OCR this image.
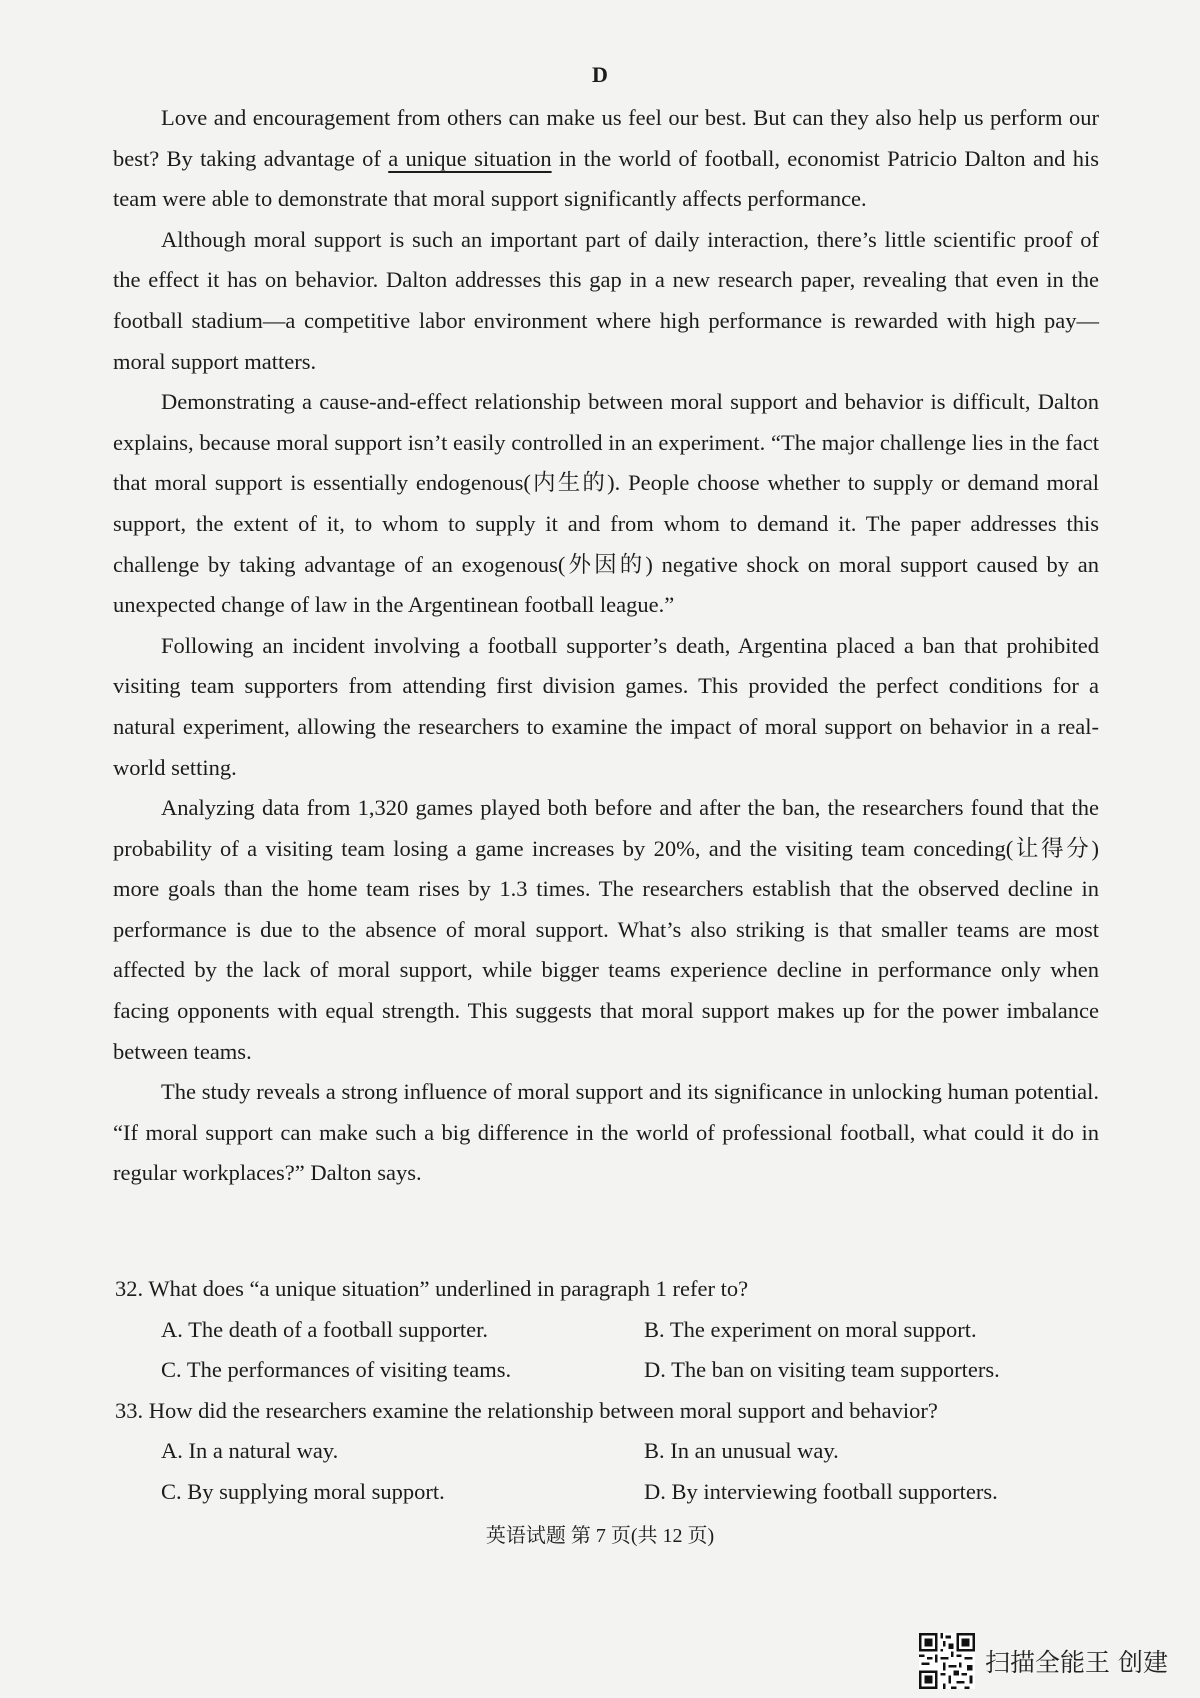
D

Love and encouragement from others can make us feel our best. But can they also help us perform our best? By taking advantage of a unique situation in the world of football, economist Patricio Dalton and his team were able to demonstrate that moral support significantly affects performance.

Although moral support is such an important part of daily interaction, there’s little scientific proof of the effect it has on behavior. Dalton addresses this gap in a new research paper, revealing that even in the football stadium—a competitive labor environment where high performance is rewarded with high pay—moral support matters.

Demonstrating a cause-and-effect relationship between moral support and behavior is difficult, Dalton explains, because moral support isn’t easily controlled in an experiment. “The major challenge lies in the fact that moral support is essentially endogenous(内生的). People choose whether to supply or demand moral support, the extent of it, to whom to supply it and from whom to demand it. The paper addresses this challenge by taking advantage of an exogenous(外因的) negative shock on moral support caused by an unexpected change of law in the Argentinean football league.”

Following an incident involving a football supporter’s death, Argentina placed a ban that prohibited visiting team supporters from attending first division games. This provided the perfect conditions for a natural experiment, allowing the researchers to examine the impact of moral support on behavior in a real-world setting.

Analyzing data from 1,320 games played both before and after the ban, the researchers found that the probability of a visiting team losing a game increases by 20%, and the visiting team conceding(让得分) more goals than the home team rises by 1.3 times. The researchers establish that the observed decline in performance is due to the absence of moral support. What’s also striking is that smaller teams are most affected by the lack of moral support, while bigger teams experience decline in performance only when facing opponents with equal strength. This suggests that moral support makes up for the power imbalance between teams.

The study reveals a strong influence of moral support and its significance in unlocking human potential. “If moral support can make such a big difference in the world of professional football, what could it do in regular workplaces?” Dalton says.

32. What does “a unique situation” underlined in paragraph 1 refer to?

A. The death of a football supporter.	B. The experiment on moral support.
C. The performances of visiting teams.	D. The ban on visiting team supporters.

33. How did the researchers examine the relationship between moral support and behavior?

A. In a natural way.	B. In an unusual way.
C. By supplying moral support.	D. By interviewing football supporters.
英语试题 第 7 页(共 12 页)
扫描全能王 创建
